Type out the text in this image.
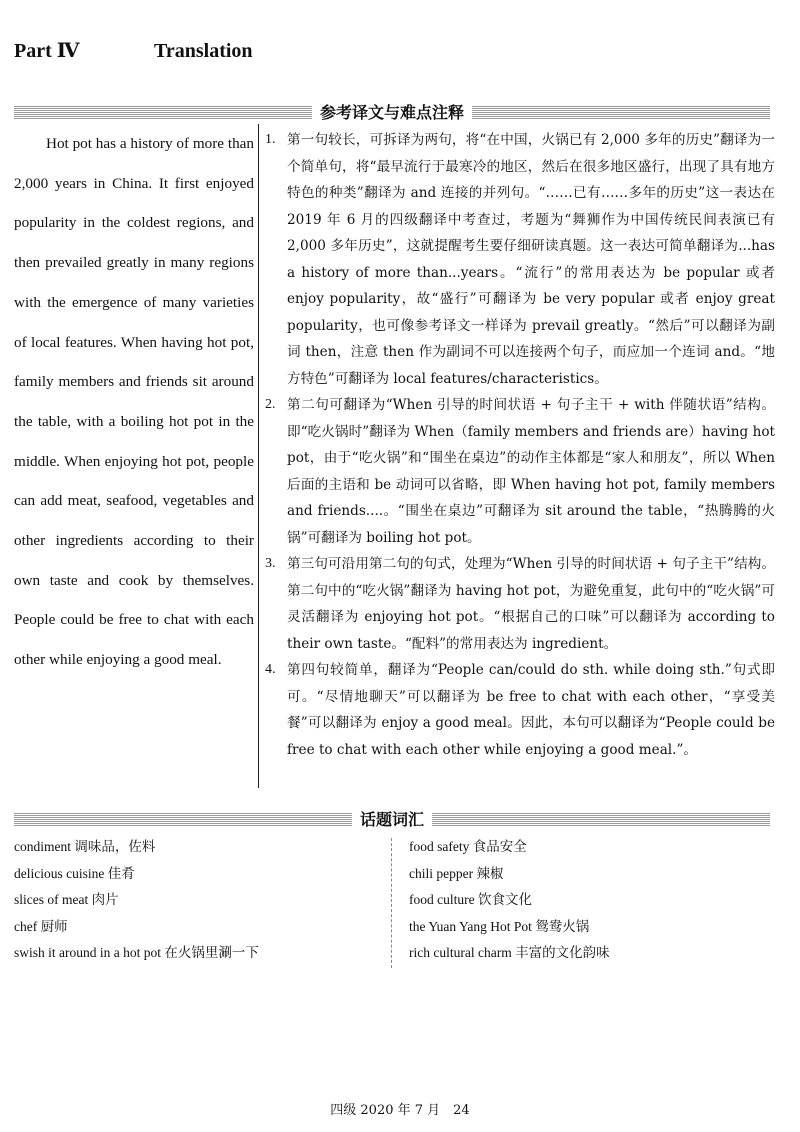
Part Ⅳ	Translation
参考译文与难点注释

Hot pot has a history of more than 2,000 years in China. It first enjoyed popularity in the coldest regions, and then prevailed greatly in many regions with the emergence of many varieties of local features. When having hot pot, family members and friends sit around the table, with a boiling hot pot in the middle. When enjoying hot pot, people can add meat, seafood, vegetables and other ingredients according to their own taste and cook by themselves. People could be free to chat with each other while enjoying a good meal.

1. 第一句较长，可拆译为两句，将“在中国，火锅已有 2,000 多年的历史”翻译为一个简单句，将“最早流行于最寒冷的地区，然后在很多地区盛行，出现了具有地方特色的种类”翻译为 and 连接的并列句。“……已有……多年的历史”这一表达在 2019 年 6 月的四级翻译中考查过，考题为“舞狮作为中国传统民间表演已有 2,000 多年历史”，这就提醒考生要仔细研读真题。这一表达可简单翻译为...has a history of more than...years。“流行”的常用表达为 be popular 或者 enjoy popularity，故“盛行”可翻译为 be very popular 或者 enjoy great popularity，也可像参考译文一样译为 prevail greatly。“然后”可以翻译为副词 then，注意 then 作为副词不可以连接两个句子，而应加一个连词 and。“地方特色”可翻译为 local features/characteristics。
2. 第二句可翻译为“When 引导的时间状语 + 句子主干 + with 伴随状语”结构。即“吃火锅时”翻译为 When（family members and friends are）having hot pot，由于“吃火锅”和“围坐在桌边”的动作主体都是“家人和朋友”，所以 When 后面的主语和 be 动词可以省略，即 When having hot pot, family members and friends....。“围坐在桌边”可翻译为 sit around the table，“热腾腾的火锅”可翻译为 boiling hot pot。
3. 第三句可沿用第二句的句式，处理为“When 引导的时间状语 + 句子主干”结构。第二句中的“吃火锅”翻译为 having hot pot，为避免重复，此句中的“吃火锅”可灵活翻译为 enjoying hot pot。“根据自己的口味”可以翻译为 according to their own taste。“配料”的常用表达为 ingredient。
4. 第四句较简单，翻译为“People can/could do sth. while doing sth.”句式即可。“尽情地聊天”可以翻译为 be free to chat with each other，“享受美餐”可以翻译为 enjoy a good meal。因此，本句可以翻译为“People could be free to chat with each other while enjoying a good meal.”。
话题词汇
condiment 调味品，佐料
delicious cuisine 佳肴
slices of meat 肉片
chef 厨师
swish it around in a hot pot 在火锅里涮一下
food safety 食品安全
chili pepper 辣椒
food culture 饮食文化
the Yuan Yang Hot Pot 鸳鸯火锅
rich cultural charm 丰富的文化韵味
四级 2020 年 7 月　24
